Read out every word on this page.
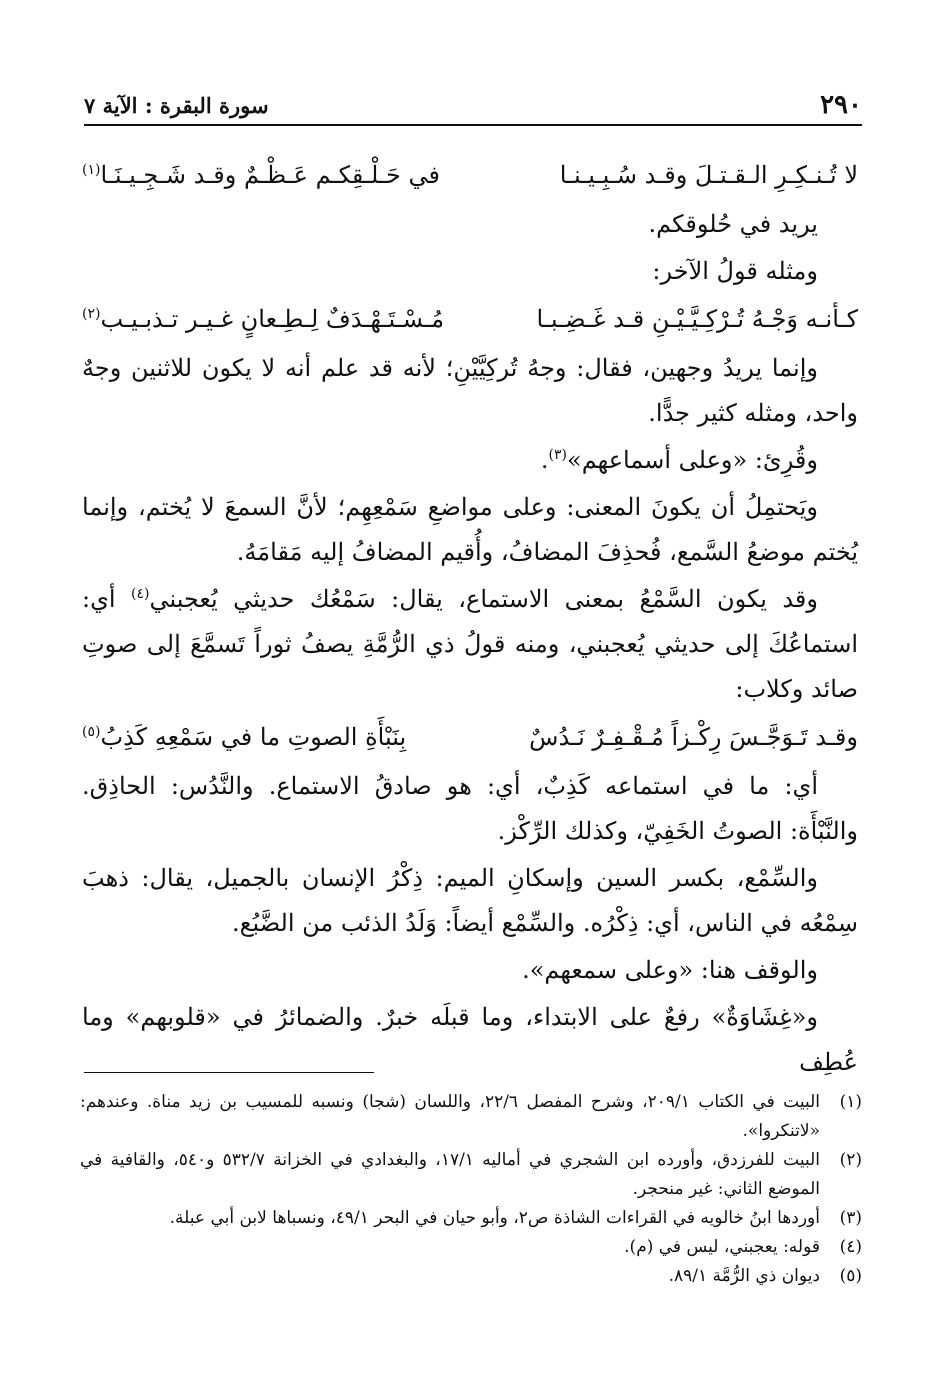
٢٩٠
سورة البقرة : الآية ٧
لا تُـنـكِـرِ الـقـتـلَ وقـد سُـبِـيـنـا
في حَـلْـقِكـم عَـظْـمٌ وقـد شَـجِـيـنَـا$^{(١)}$

يريد في حُلوقكم.

ومثله قولُ الآخر:

كـأنـه وَجْـهُ تُـرْكِـيَّـيْـنِ قـد غَـضِـبـا
مُـسْـتَـهْـدَفٌ لِـطِـعانٍ غـيـر تـذبـيـب$^{(٢)}$

وإنما يريدُ وجهين، فقال: وجهُ تُركِيَّيْنِ؛ لأنه قد علم أنه لا يكون للاثنين وجهٌ واحد، ومثله كثير جدًّا.

وقُرِئ: «وعلى أسماعهم»$^{(٣)}$.

ويَحتمِلُ أن يكونَ المعنى: وعلى مواضعِ سَمْعِهِم؛ لأنَّ السمعَ لا يُختم، وإنما يُختم موضعُ السَّمع، فُحذِفَ المضافُ، وأُقيم المضافُ إليه مَقامَهُ.

وقد يكون السَّمْعُ بمعنى الاستماع، يقال: سَمْعُك حديثي يُعجبني$^{(٤)}$ أي: استماعُكَ إلى حديثي يُعجبني، ومنه قولُ ذي الرُّمَّةِ يصفُ ثوراً تَسمَّعَ إلى صوتِ صائد وكلاب:

وقـد تَـوَجَّـسَ رِكْـزاً مُـقْـفِـرٌ نَـدُسٌ
بِنَبْأَةِ الصوتِ ما في سَمْعِهِ كَذِبُ$^{(٥)}$

أي: ما في استماعه كَذِبٌ، أي: هو صادقُ الاستماع. والنَّدُس: الحاذِق. والنَّبْأَة: الصوتُ الخَفِيّ، وكذلك الرِّكْز.

والسِّمْع، بكسر السين وإسكانِ الميم: ذِكْرُ الإنسان بالجميل، يقال: ذهبَ سِمْعُه في الناس، أي: ذِكْرُه. والسِّمْع أيضاً: وَلَدُ الذئب من الضَّبُع.

والوقف هنا: «وعلى سمعهم».

و«غِشَاوَةٌ» رفعٌ على الابتداء، وما قبلَه خبرٌ. والضمائرُ في «قلوبهم» وما عُطِف

(١)
البيت في الكتاب ٢٠٩/١، وشرح المفصل ٢٢/٦، واللسان (شجا) ونسبه للمسيب بن زيد مناة. وعندهم: «لاتنكروا».
(٢)
البيت للفرزدق، وأورده ابن الشجري في أماليه ١٧/١، والبغدادي في الخزانة ٥٣٢/٧ و٥٤٠، والقافية في الموضع الثاني: غير منحجر.
(٣)
أوردها ابنُ خالويه في القراءات الشاذة ص٢، وأبو حيان في البحر ٤٩/١، ونسباها لابن أبي عبلة.
(٤)
قوله: يعجبني، ليس في (م).
(٥)
ديوان ذي الرُّمَّة ٨٩/١.
